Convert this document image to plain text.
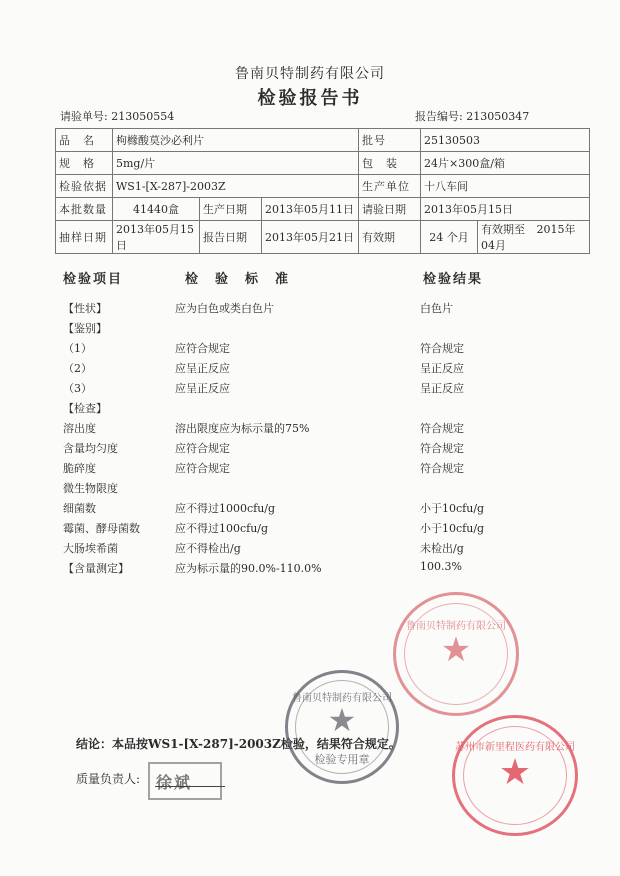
鲁南贝特制药有限公司
检验报告书
请验单号: 213050554	报告编号: 213050347
品　名	枸橼酸莫沙必利片			批号	25130503	
规　格	5mg/片			包　装	24片×300盒/箱	
检验依据	WS1-[X-287]-2003Z			生产单位	十八车间	
本批数量	41440盒	生产日期	2013年05月11日	请验日期	2013年05月15日	
抽样日期	2013年05月15日	报告日期	2013年05月21日	有效期	24 个月	有效期至 2015年04月
检验项目	检　验　标　准	检验结果
【性状】	应为白色或类白色片	白色片
【鉴别】
（1）	应符合规定	符合规定
（2）	应呈正反应	呈正反应
（3）	应呈正反应	呈正反应
【检查】
溶出度	溶出限度应为标示量的75%	符合规定
含量均匀度	应符合规定	符合规定
脆碎度	应符合规定	符合规定
微生物限度
细菌数	应不得过1000cfu/g	小于10cfu/g
霉菌、酵母菌数	应不得过100cfu/g	小于10cfu/g
大肠埃希菌	应不得检出/g	未检出/g
【含量测定】	应为标示量的90.0%-110.0%	100.3%
结论：本品按WS1-[X-287]-2003Z检验，结果符合规定。
质量负责人: 徐斌
鲁南贝特制药有限公司
★
检验专用章
鲁南贝特制药有限公司
★
苏州市新里程医药有限公司
★
